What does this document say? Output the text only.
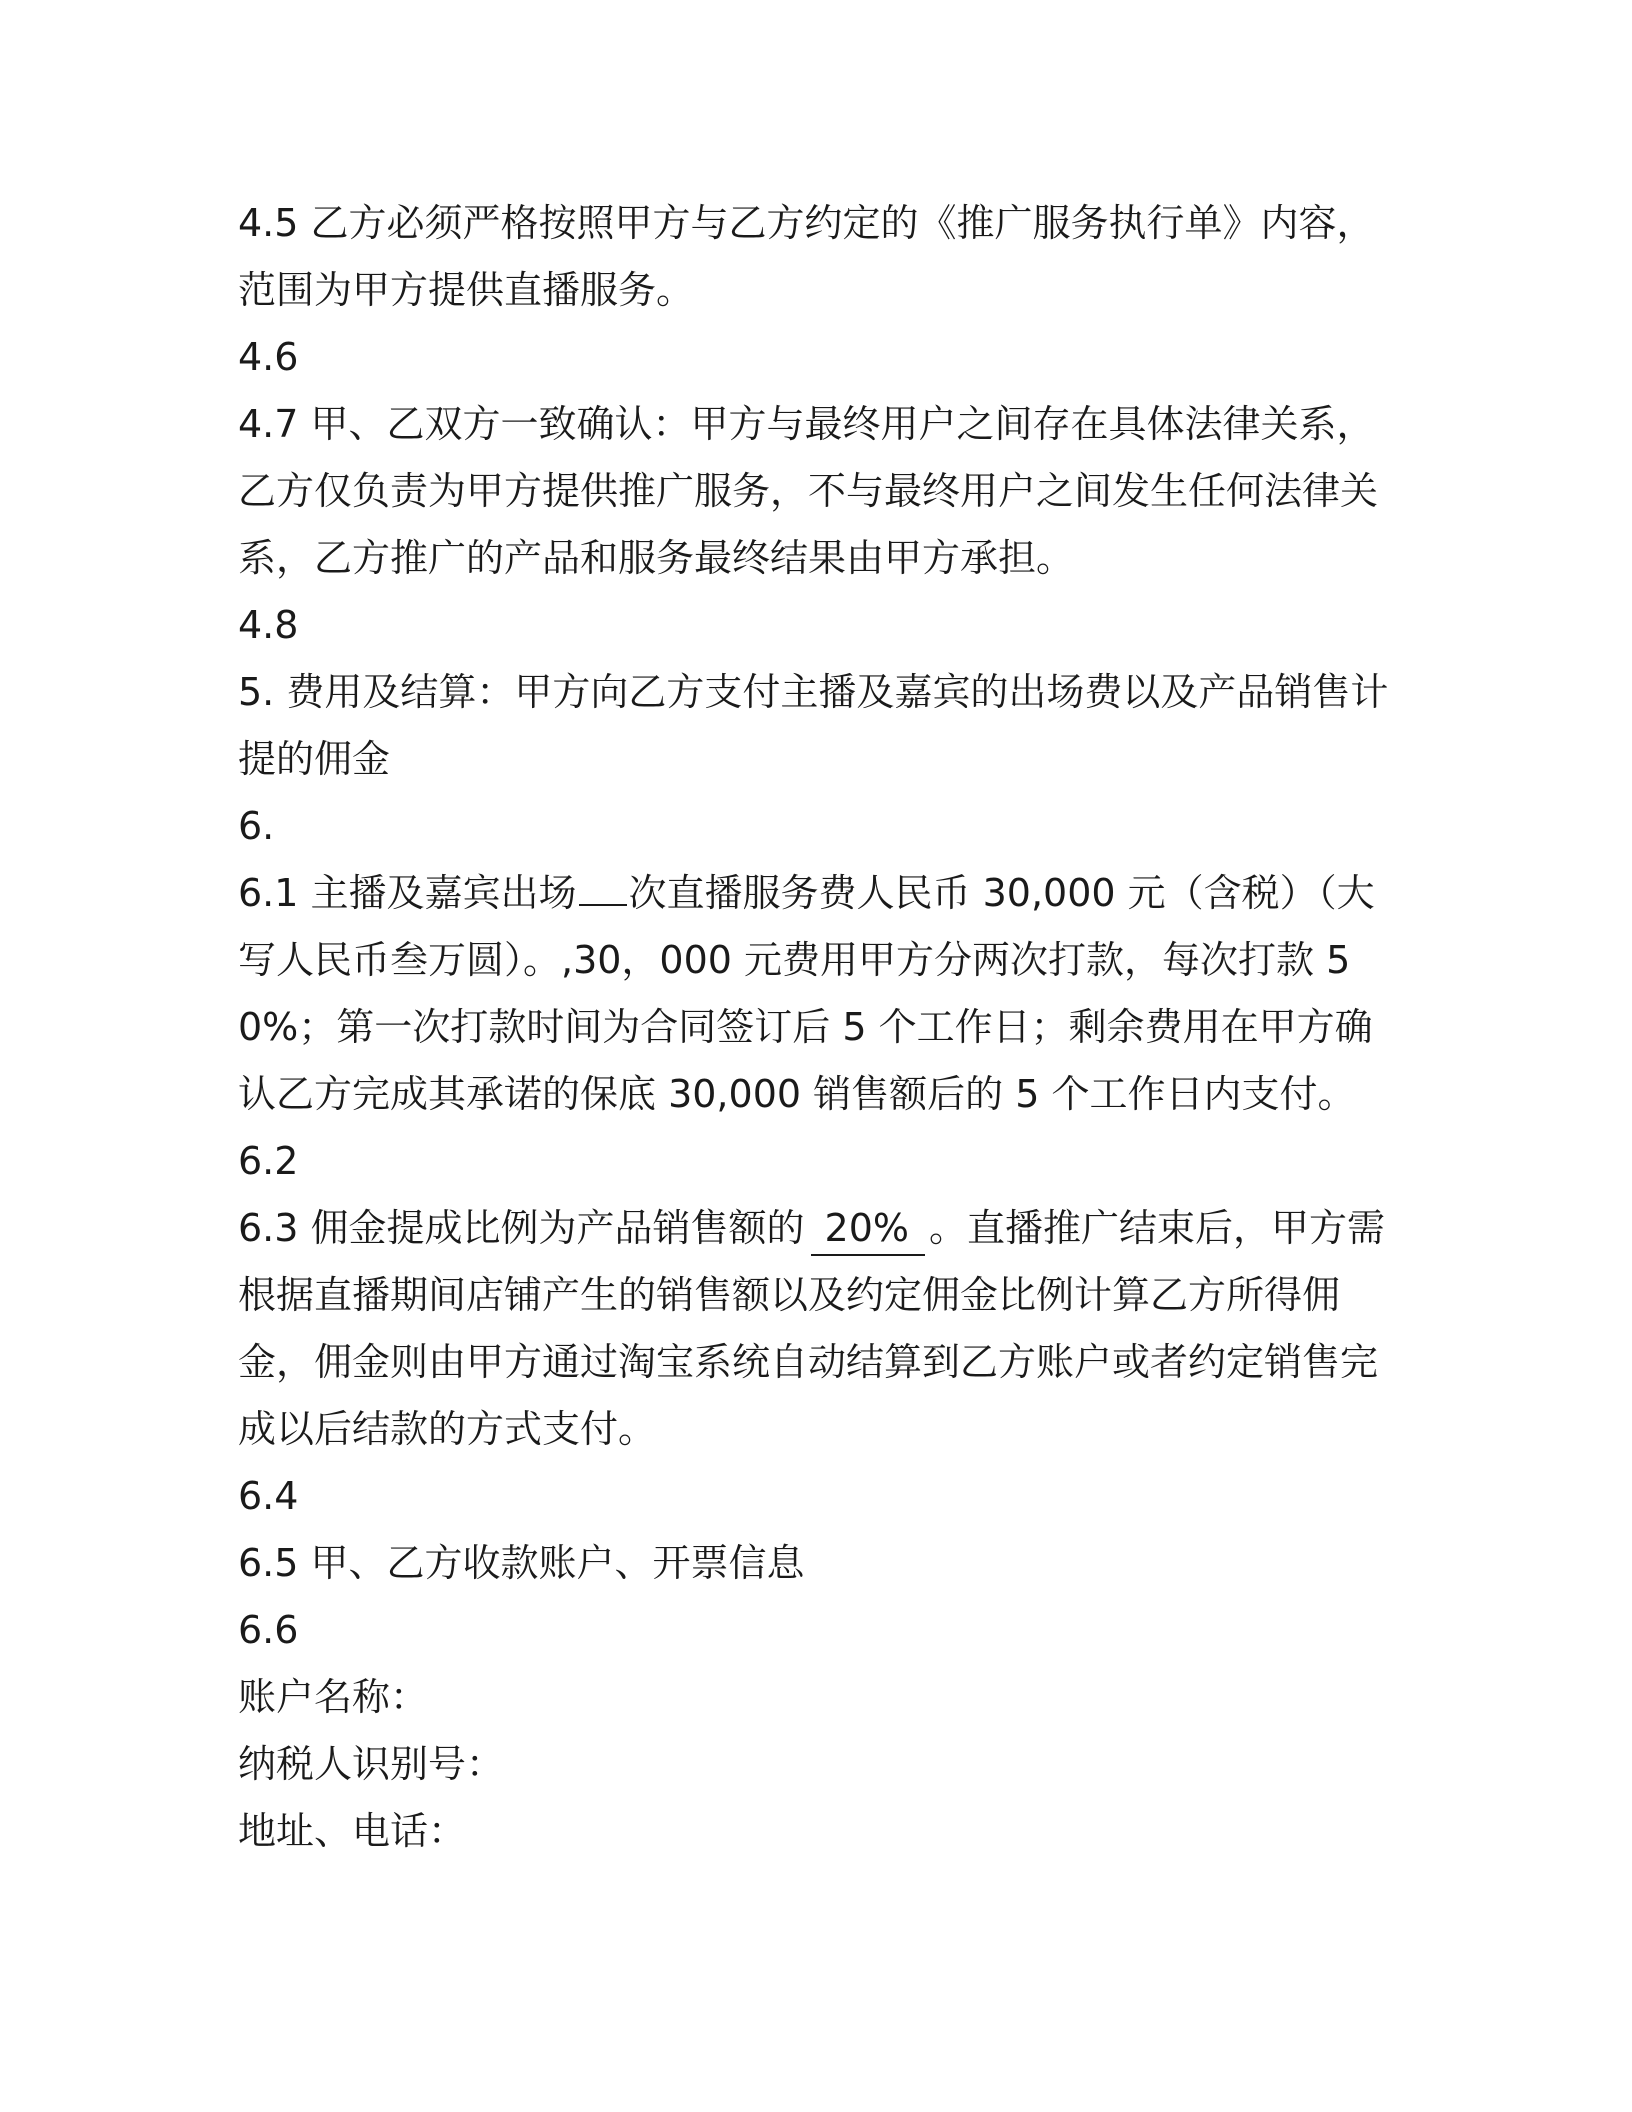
4.5 乙方必须严格按照甲方与乙方约定的《推广服务执行单》内容，范围为甲方提供直播服务。

4.6

4.7 甲、乙双方一致确认：甲方与最终用户之间存在具体法律关系，乙方仅负责为甲方提供推广服务，不与最终用户之间发生任何法律关系，乙方推广的产品和服务最终结果由甲方承担。

4.8

5. 费用及结算：甲方向乙方支付主播及嘉宾的出场费以及产品销售计提的佣金

6.

6.1 主播及嘉宾出场 次直播服务费人民币 30,000 元（含税）（大写人民币叁万圆）。,30，000 元费用甲方分两次打款，每次打款 50%；第一次打款时间为合同签订后 5 个工作日；剩余费用在甲方确认乙方完成其承诺的保底 30,000 销售额后的 5 个工作日内支付。

6.2

6.3 佣金提成比例为产品销售额的 20% 。直播推广结束后，甲方需根据直播期间店铺产生的销售额以及约定佣金比例计算乙方所得佣金，佣金则由甲方通过淘宝系统自动结算到乙方账户或者约定销售完成以后结款的方式支付。

6.4

6.5 甲、乙方收款账户、开票信息

6.6

账户名称：

纳税人识别号：

地址、电话：
